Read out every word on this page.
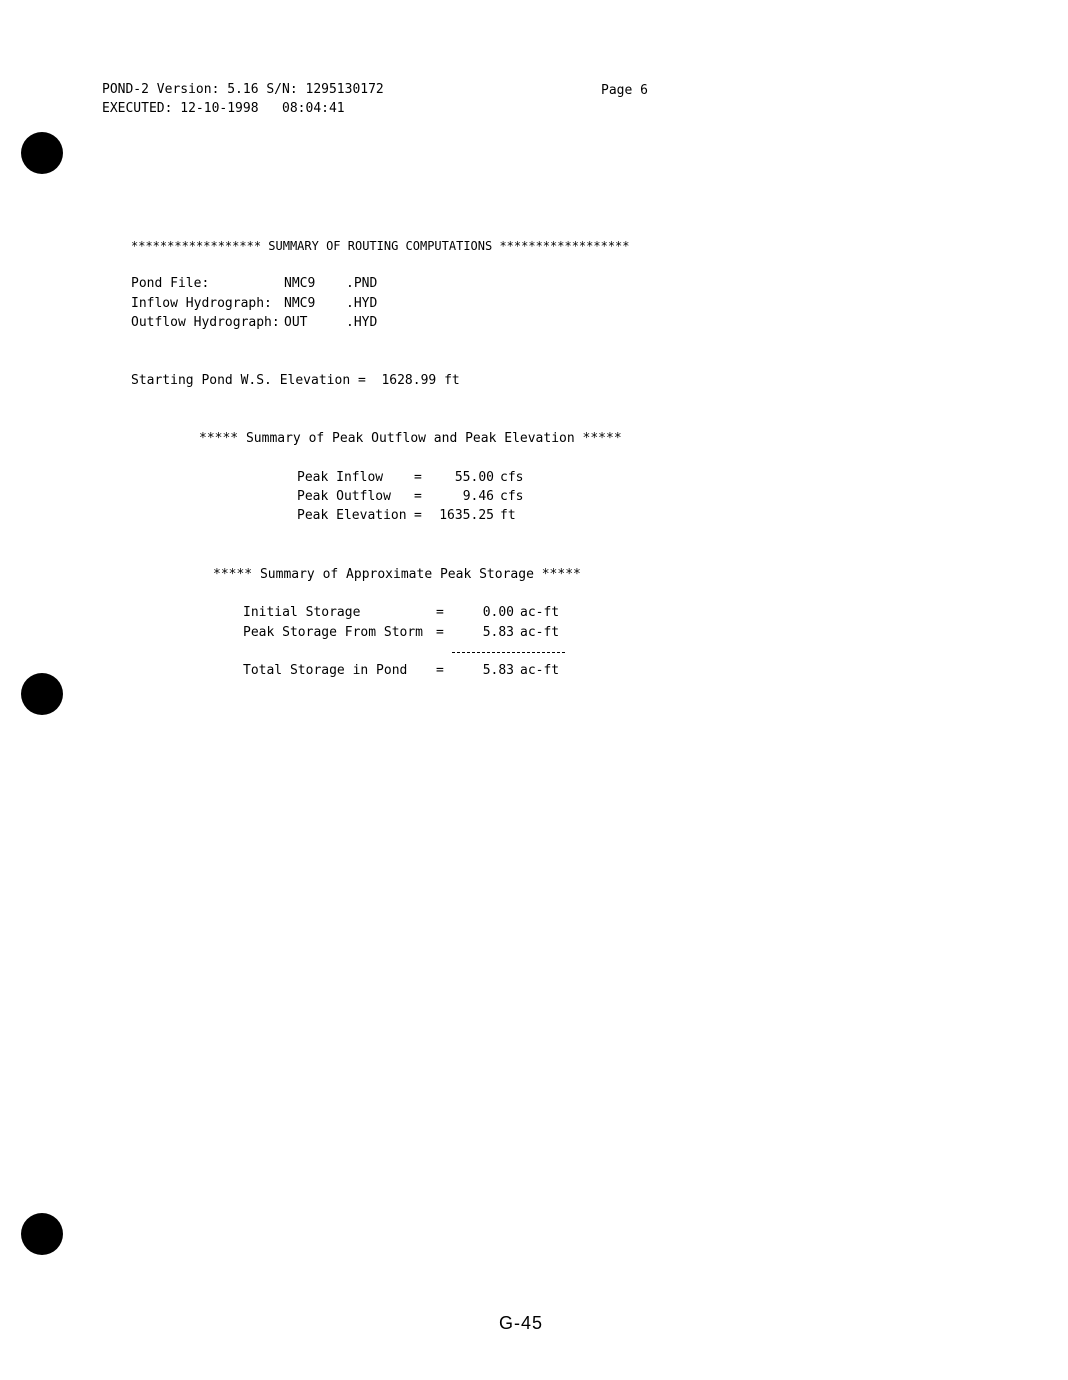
POND-2 Version: 5.16 S/N: 1295130172
EXECUTED: 12-10-1998   08:04:41
Page 6
****************** SUMMARY OF ROUTING COMPUTATIONS ******************
Pond File:	NMC9	.PND
Inflow Hydrograph: NMC9	.HYD
Outflow Hydrograph: OUT	.HYD
Starting Pond W.S. Elevation =  1628.99 ft
***** Summary of Peak Outflow and Peak Elevation *****
Peak Inflow	=	55.00 cfs
Peak Outflow	=	9.46 cfs
Peak Elevation =	1635.25 ft
***** Summary of Approximate Peak Storage *****
Initial Storage	=	0.00 ac-ft
Peak Storage From Storm =	5.83 ac-ft
Total Storage in Pond	=	5.83 ac-ft
G-45
